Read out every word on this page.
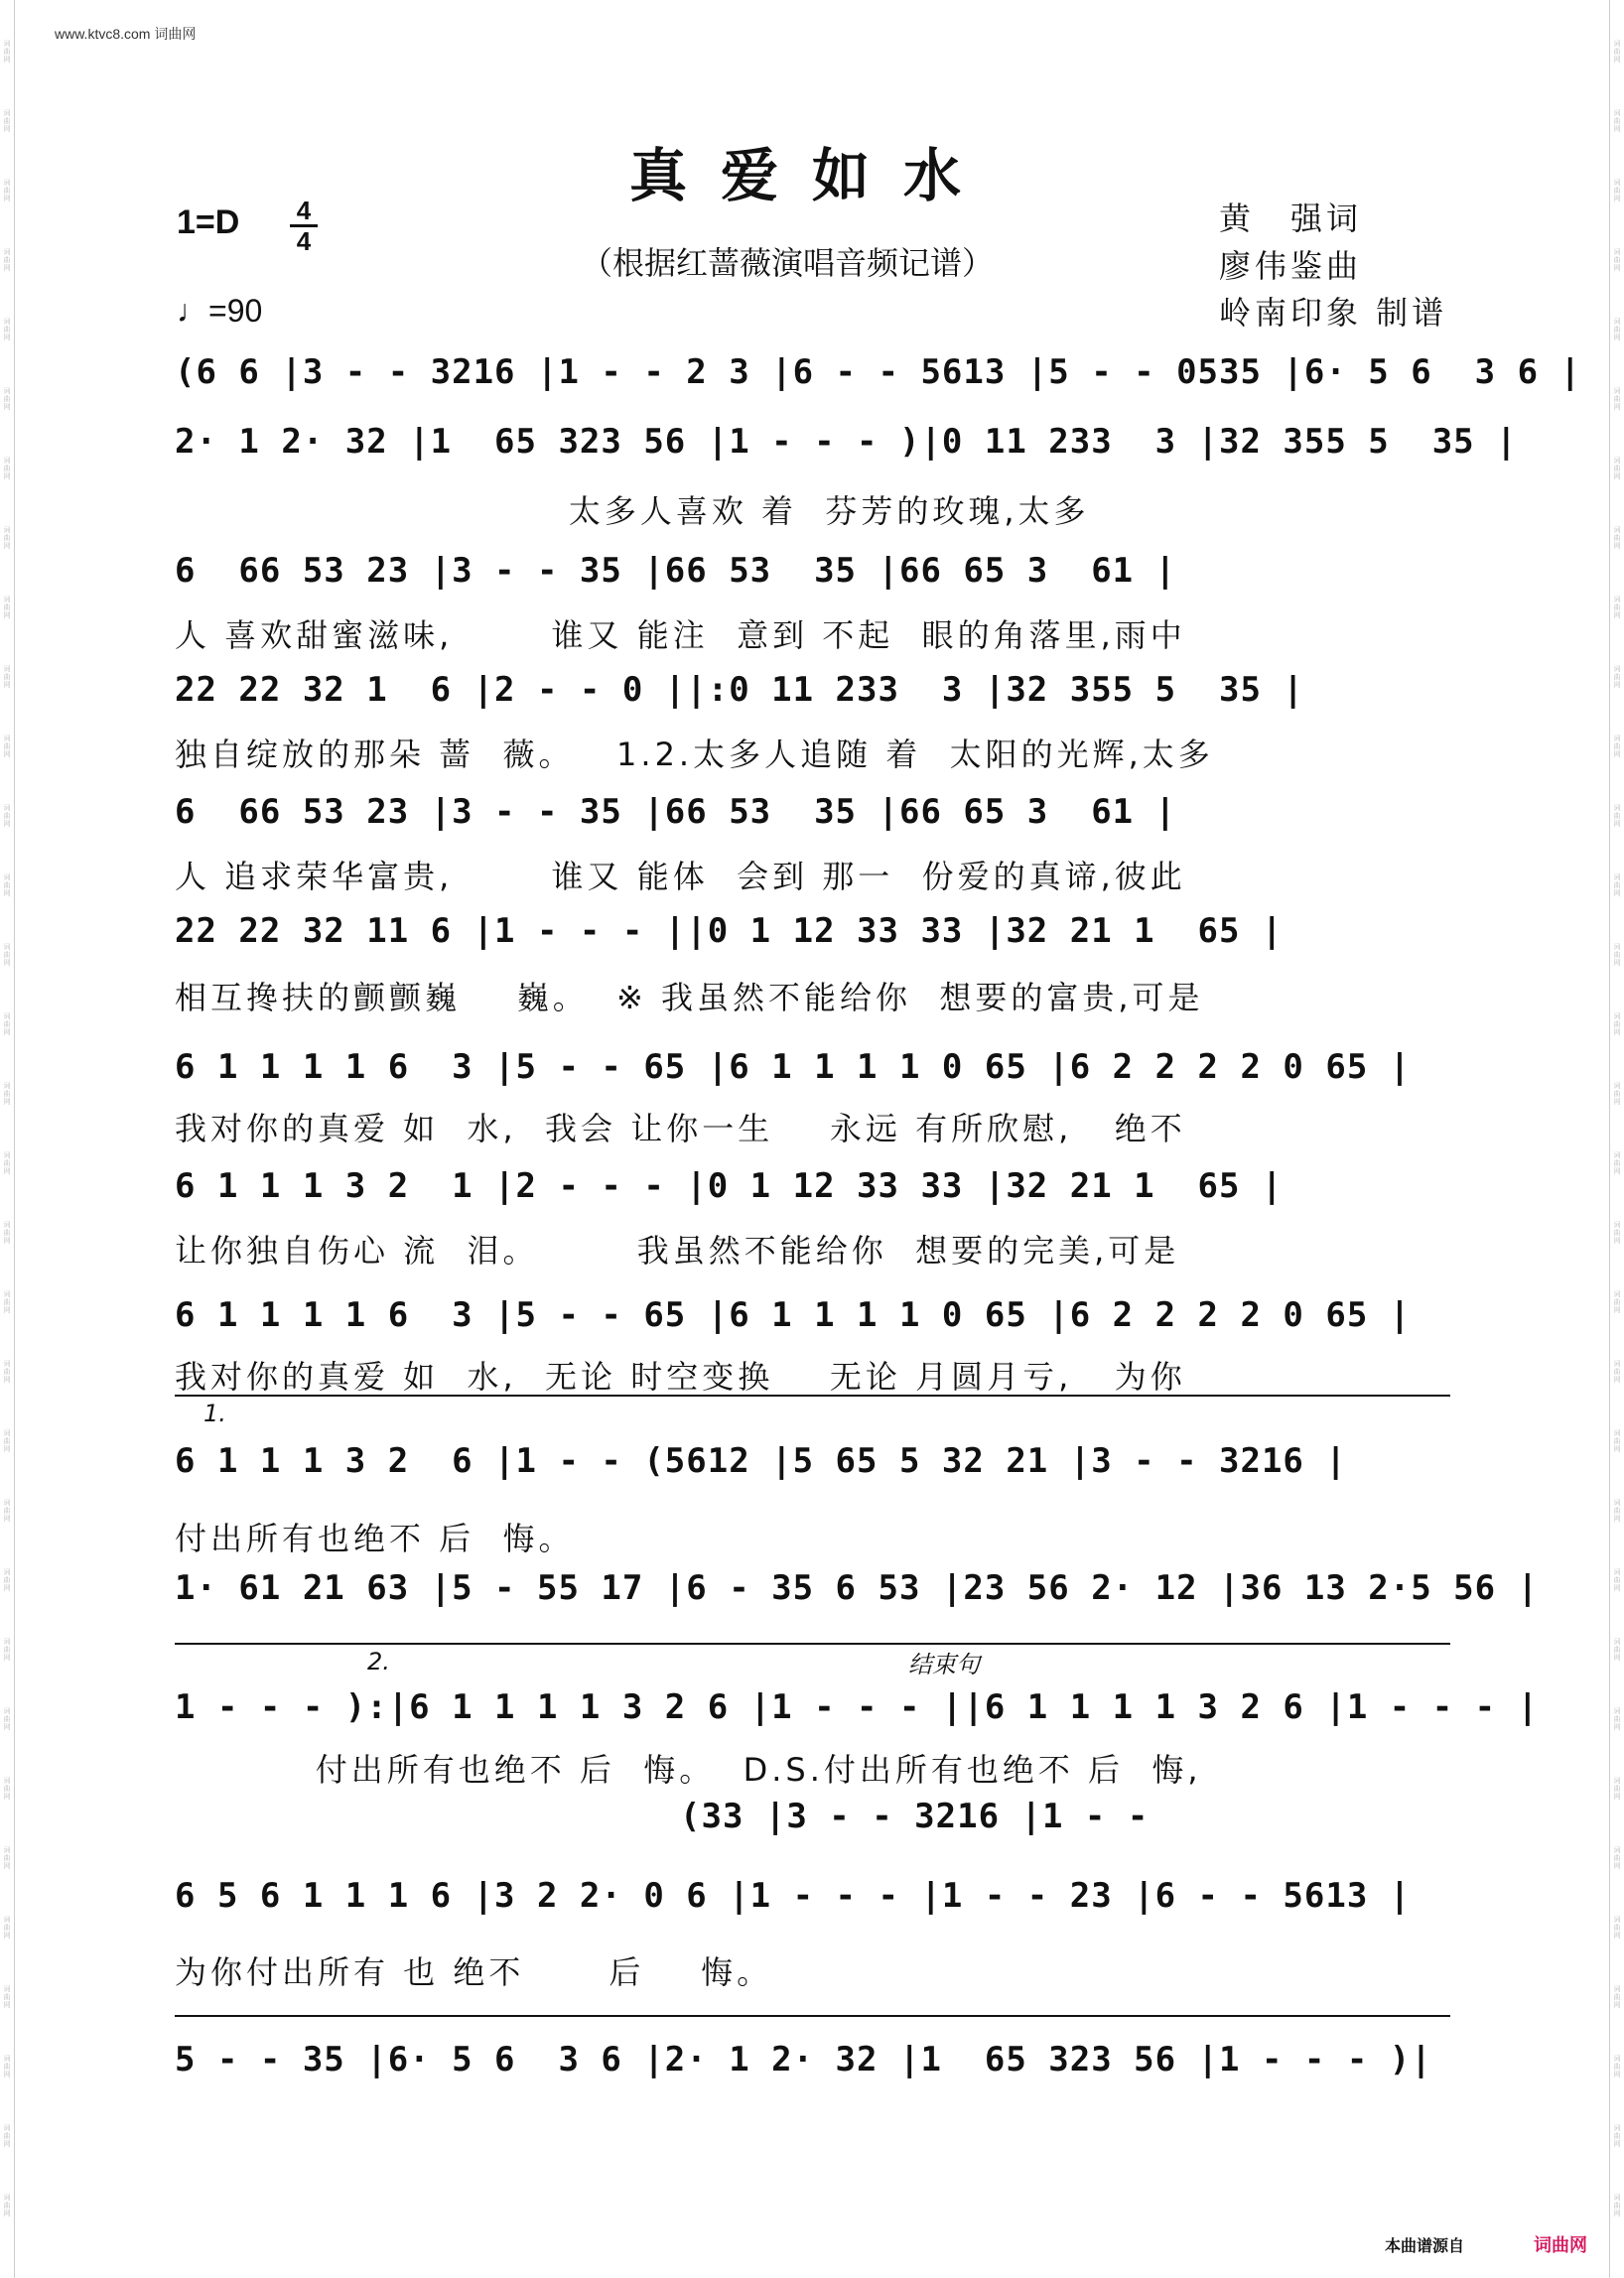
词
曲
网
词
曲
网
词
曲
网
词
曲
网
词
曲
网
词
曲
网
词
曲
网
词
曲
网
词
曲
网
词
曲
网
词
曲
网
词
曲
网
词
曲
网
词
曲
网
词
曲
网
词
曲
网
词
曲
网
词
曲
网
词
曲
网
词
曲
网
词
曲
网
词
曲
网
词
曲
网
词
曲
网
词
曲
网
词
曲
网
词
曲
网
词
曲
网
词
曲
网
词
曲
网
词
曲
网
词
曲
网
词
曲
网
词
曲
网
词
曲
网
词
曲
网
词
曲
网
词
曲
网
词
曲
网
词
曲
网
词
曲
网
词
曲
网
词
曲
网
词
曲
网
词
曲
网
词
曲
网
词
曲
网
词
曲
网
词
曲
网
词
曲
网
词
曲
网
词
曲
网
词
曲
网
词
曲
网
词
曲
网
词
曲
网
词
曲
网
词
曲
网
词
曲
网
词
曲
网
词
曲
网
词
曲
网
词
曲
网
词
曲
网
www.ktvc8.com 词曲网
真爱如水
1=D 4
4
♩=90
（根据红蔷薇演唱音频记谱）
黄　强词
廖伟鉴曲
岭南印象 制谱
(6 6 |3 - - 3216 |1 - - 2 3 |6 - - 5613 |5 - - 0535 |6· 5 6  3 6 |
2· 1 2· 32 |1  65 323 56 |1 - - - )|0 11 233  3 |32 355 5  35 |
太多人喜欢 着  芬芳的玫瑰,太多
6  66 53 23 |3 - - 35 |66 53  35 |66 65 3  61 |
人 喜欢甜蜜滋味,       谁又 能注  意到 不起  眼的角落里,雨中
22 22 32 1  6 |2 - - 0 ||:0 11 233  3 |32 355 5  35 |
独自绽放的那朵 蔷  薇。   1.2.太多人追随 着  太阳的光辉,太多
6  66 53 23 |3 - - 35 |66 53  35 |66 65 3  61 |
人 追求荣华富贵,       谁又 能体  会到 那一  份爱的真谛,彼此
22 22 32 11 6 |1 - - - ||0 1 12 33 33 |32 21 1  65 |
相互搀扶的颤颤巍    巍。  ※ 我虽然不能给你  想要的富贵,可是
6 1 1 1 1 6  3 |5 - - 65 |6 1 1 1 1 0 65 |6 2 2 2 2 0 65 |
我对你的真爱 如  水,  我会 让你一生    永远 有所欣慰,   绝不
6 1 1 1 3 2  1 |2 - - - |0 1 12 33 33 |32 21 1  65 |
让你独自伤心 流  泪。       我虽然不能给你  想要的完美,可是
6 1 1 1 1 6  3 |5 - - 65 |6 1 1 1 1 0 65 |6 2 2 2 2 0 65 |
我对你的真爱 如  水,  无论 时空变换    无论 月圆月亏,   为你
1.
6 1 1 1 3 2  6 |1 - - (5612 |5 65 5 32 21 |3 - - 3216 |
付出所有也绝不 后  悔。
1· 61 21 63 |5 - 55 17 |6 - 35 6 53 |23 56 2· 12 |36 13 2·5 56 |
2.	结束句
1 - - - ):|6 1 1 1 1 3 2 6 |1 - - - ||6 1 1 1 1 3 2 6 |1 - - - |
付出所有也绝不 后  悔。  D.S.付出所有也绝不 后  悔,
(33 |3 - - 3216 |1 - -
6 5 6 1 1 1 6 |3 2 2· 0 6 |1 - - - |1 - - 23 |6 - - 5613 |
为你付出所有 也 绝不      后    悔。
5 - - 35 |6· 5 6  3 6 |2· 1 2· 32 |1  65 323 56 |1 - - - )|
本曲谱源自	词曲网
